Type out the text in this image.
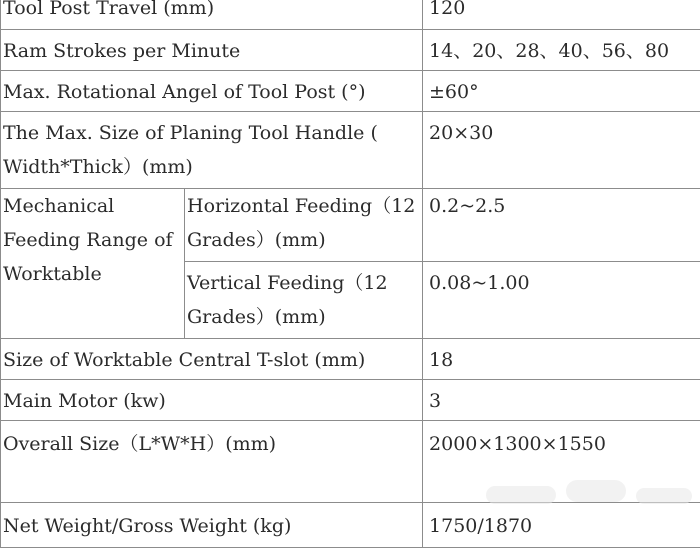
Tool Post Travel (mm)		120
Ram Strokes per Minute		14、20、28、40、56、80
Max. Rotational Angel of Tool Post (°)		±60°
The Max. Size of Planing Tool Handle ( Width*Thick）(mm)		20×30
Mechanical Feeding Range of Worktable	Horizontal Feeding（12 Grades）(mm)	0.2~2.5
	Vertical Feeding（12 Grades）(mm)	0.08~1.00
Size of Worktable Central T-slot (mm)		18
Main Motor (kw)		3
Overall Size（L*W*H）(mm)		2000×1300×1550
Net Weight/Gross Weight (kg)		1750/1870
